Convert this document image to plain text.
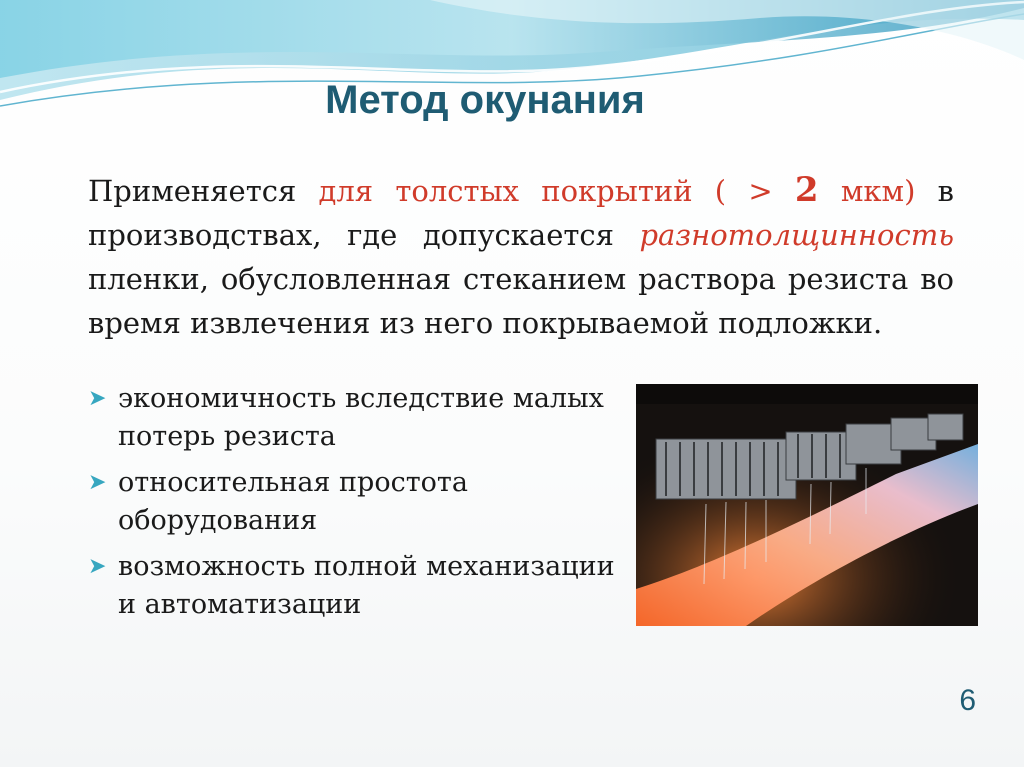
Метод окунания

Применяется для толстых покрытий ( > 2 мкм) в производствах, где допускается разнотолщинность пленки, обусловленная стеканием раствора резиста во время извлечения из него покрываемой подложки.

➤ экономичность вследствие малых потерь резиста
➤ относительная простота оборудования
➤ возможность полной механизации и автоматизации
6
